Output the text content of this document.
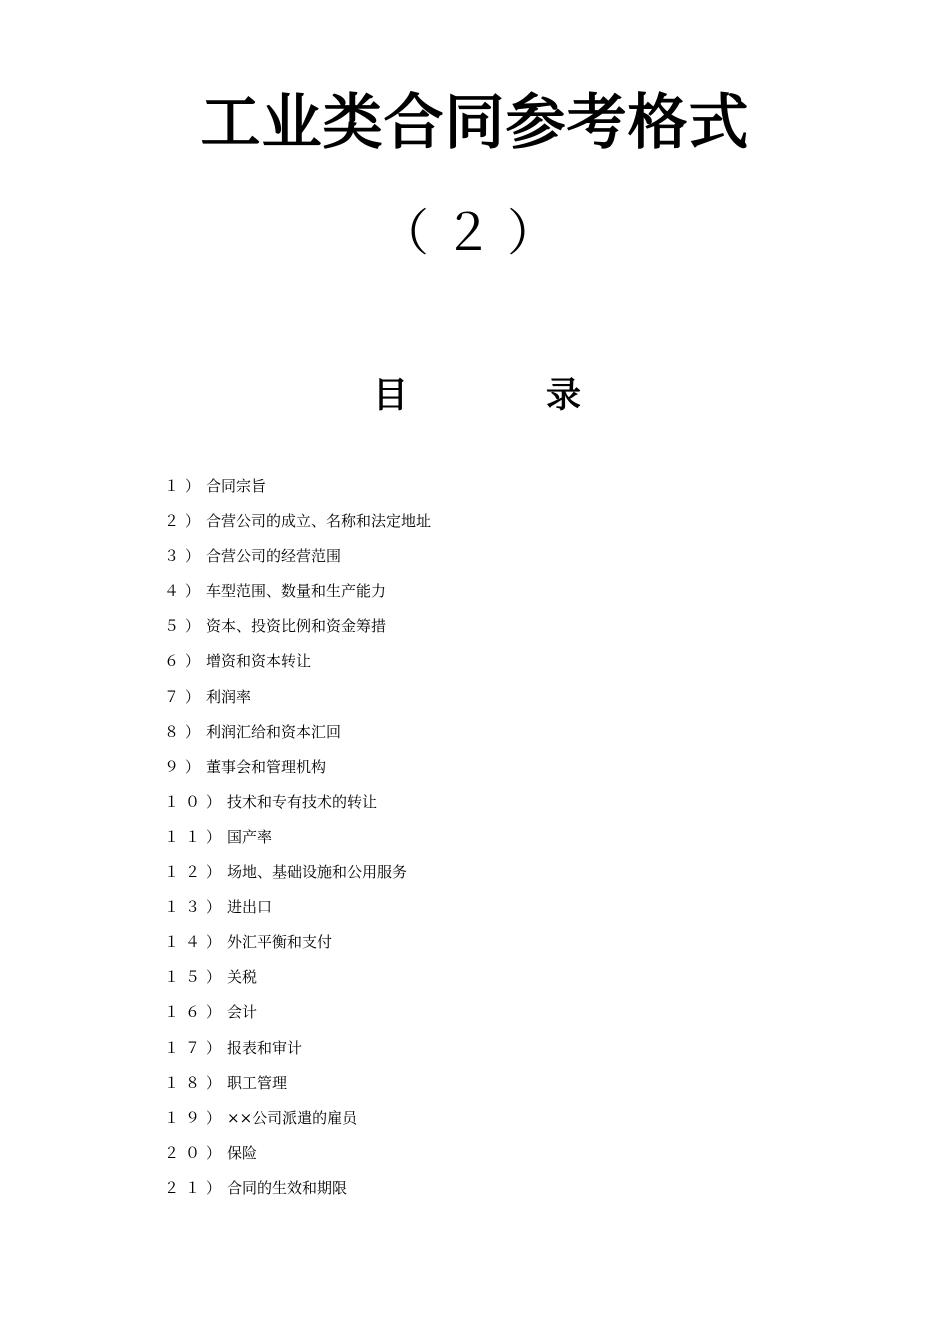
工业类合同参考格式
（２）
目	录
１）合同宗旨
２）合营公司的成立、名称和法定地址
３）合营公司的经营范围
４）车型范围、数量和生产能力
５）资本、投资比例和资金筹措
６）增资和资本转让
７）利润率
８）利润汇给和资本汇回
９）董事会和管理机构
１０）技术和专有技术的转让
１１）国产率
１２）场地、基础设施和公用服务
１３）进出口
１４）外汇平衡和支付
１５）关税
１６）会计
１７）报表和审计
１８）职工管理
１９）××公司派遣的雇员
２０）保险
２１）合同的生效和期限
